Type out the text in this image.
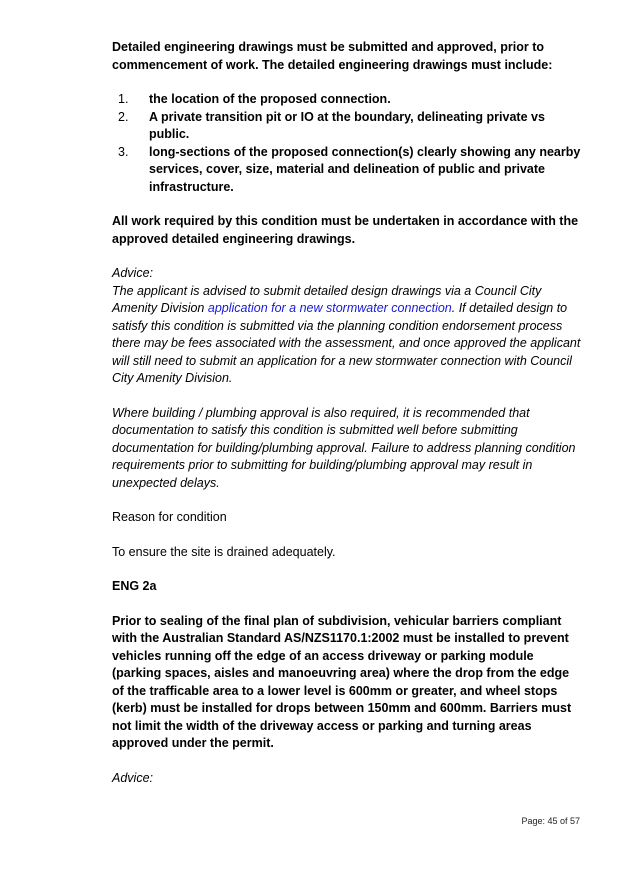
Detailed engineering drawings must be submitted and approved, prior to commencement of work. The detailed engineering drawings must include:

1. the location of the proposed connection.
2. A private transition pit or IO at the boundary, delineating private vs public.
3. long-sections of the proposed connection(s) clearly showing any nearby services, cover, size, material and delineation of public and private infrastructure.

All work required by this condition must be undertaken in accordance with the approved detailed engineering drawings.

Advice:

The applicant is advised to submit detailed design drawings via a Council City Amenity Division application for a new stormwater connection. If detailed design to satisfy this condition is submitted via the planning condition endorsement process there may be fees associated with the assessment, and once approved the applicant will still need to submit an application for a new stormwater connection with Council City Amenity Division.

Where building / plumbing approval is also required, it is recommended that documentation to satisfy this condition is submitted well before submitting documentation for building/plumbing approval. Failure to address planning condition requirements prior to submitting for building/plumbing approval may result in unexpected delays.

Reason for condition

To ensure the site is drained adequately.

ENG 2a

Prior to sealing of the final plan of subdivision, vehicular barriers compliant with the Australian Standard AS/NZS1170.1:2002 must be installed to prevent vehicles running off the edge of an access driveway or parking module (parking spaces, aisles and manoeuvring area) where the drop from the edge of the trafficable area to a lower level is 600mm or greater, and wheel stops (kerb) must be installed for drops between 150mm and 600mm. Barriers must not limit the width of the driveway access or parking and turning areas approved under the permit.

Advice:

Page: 45 of 57
